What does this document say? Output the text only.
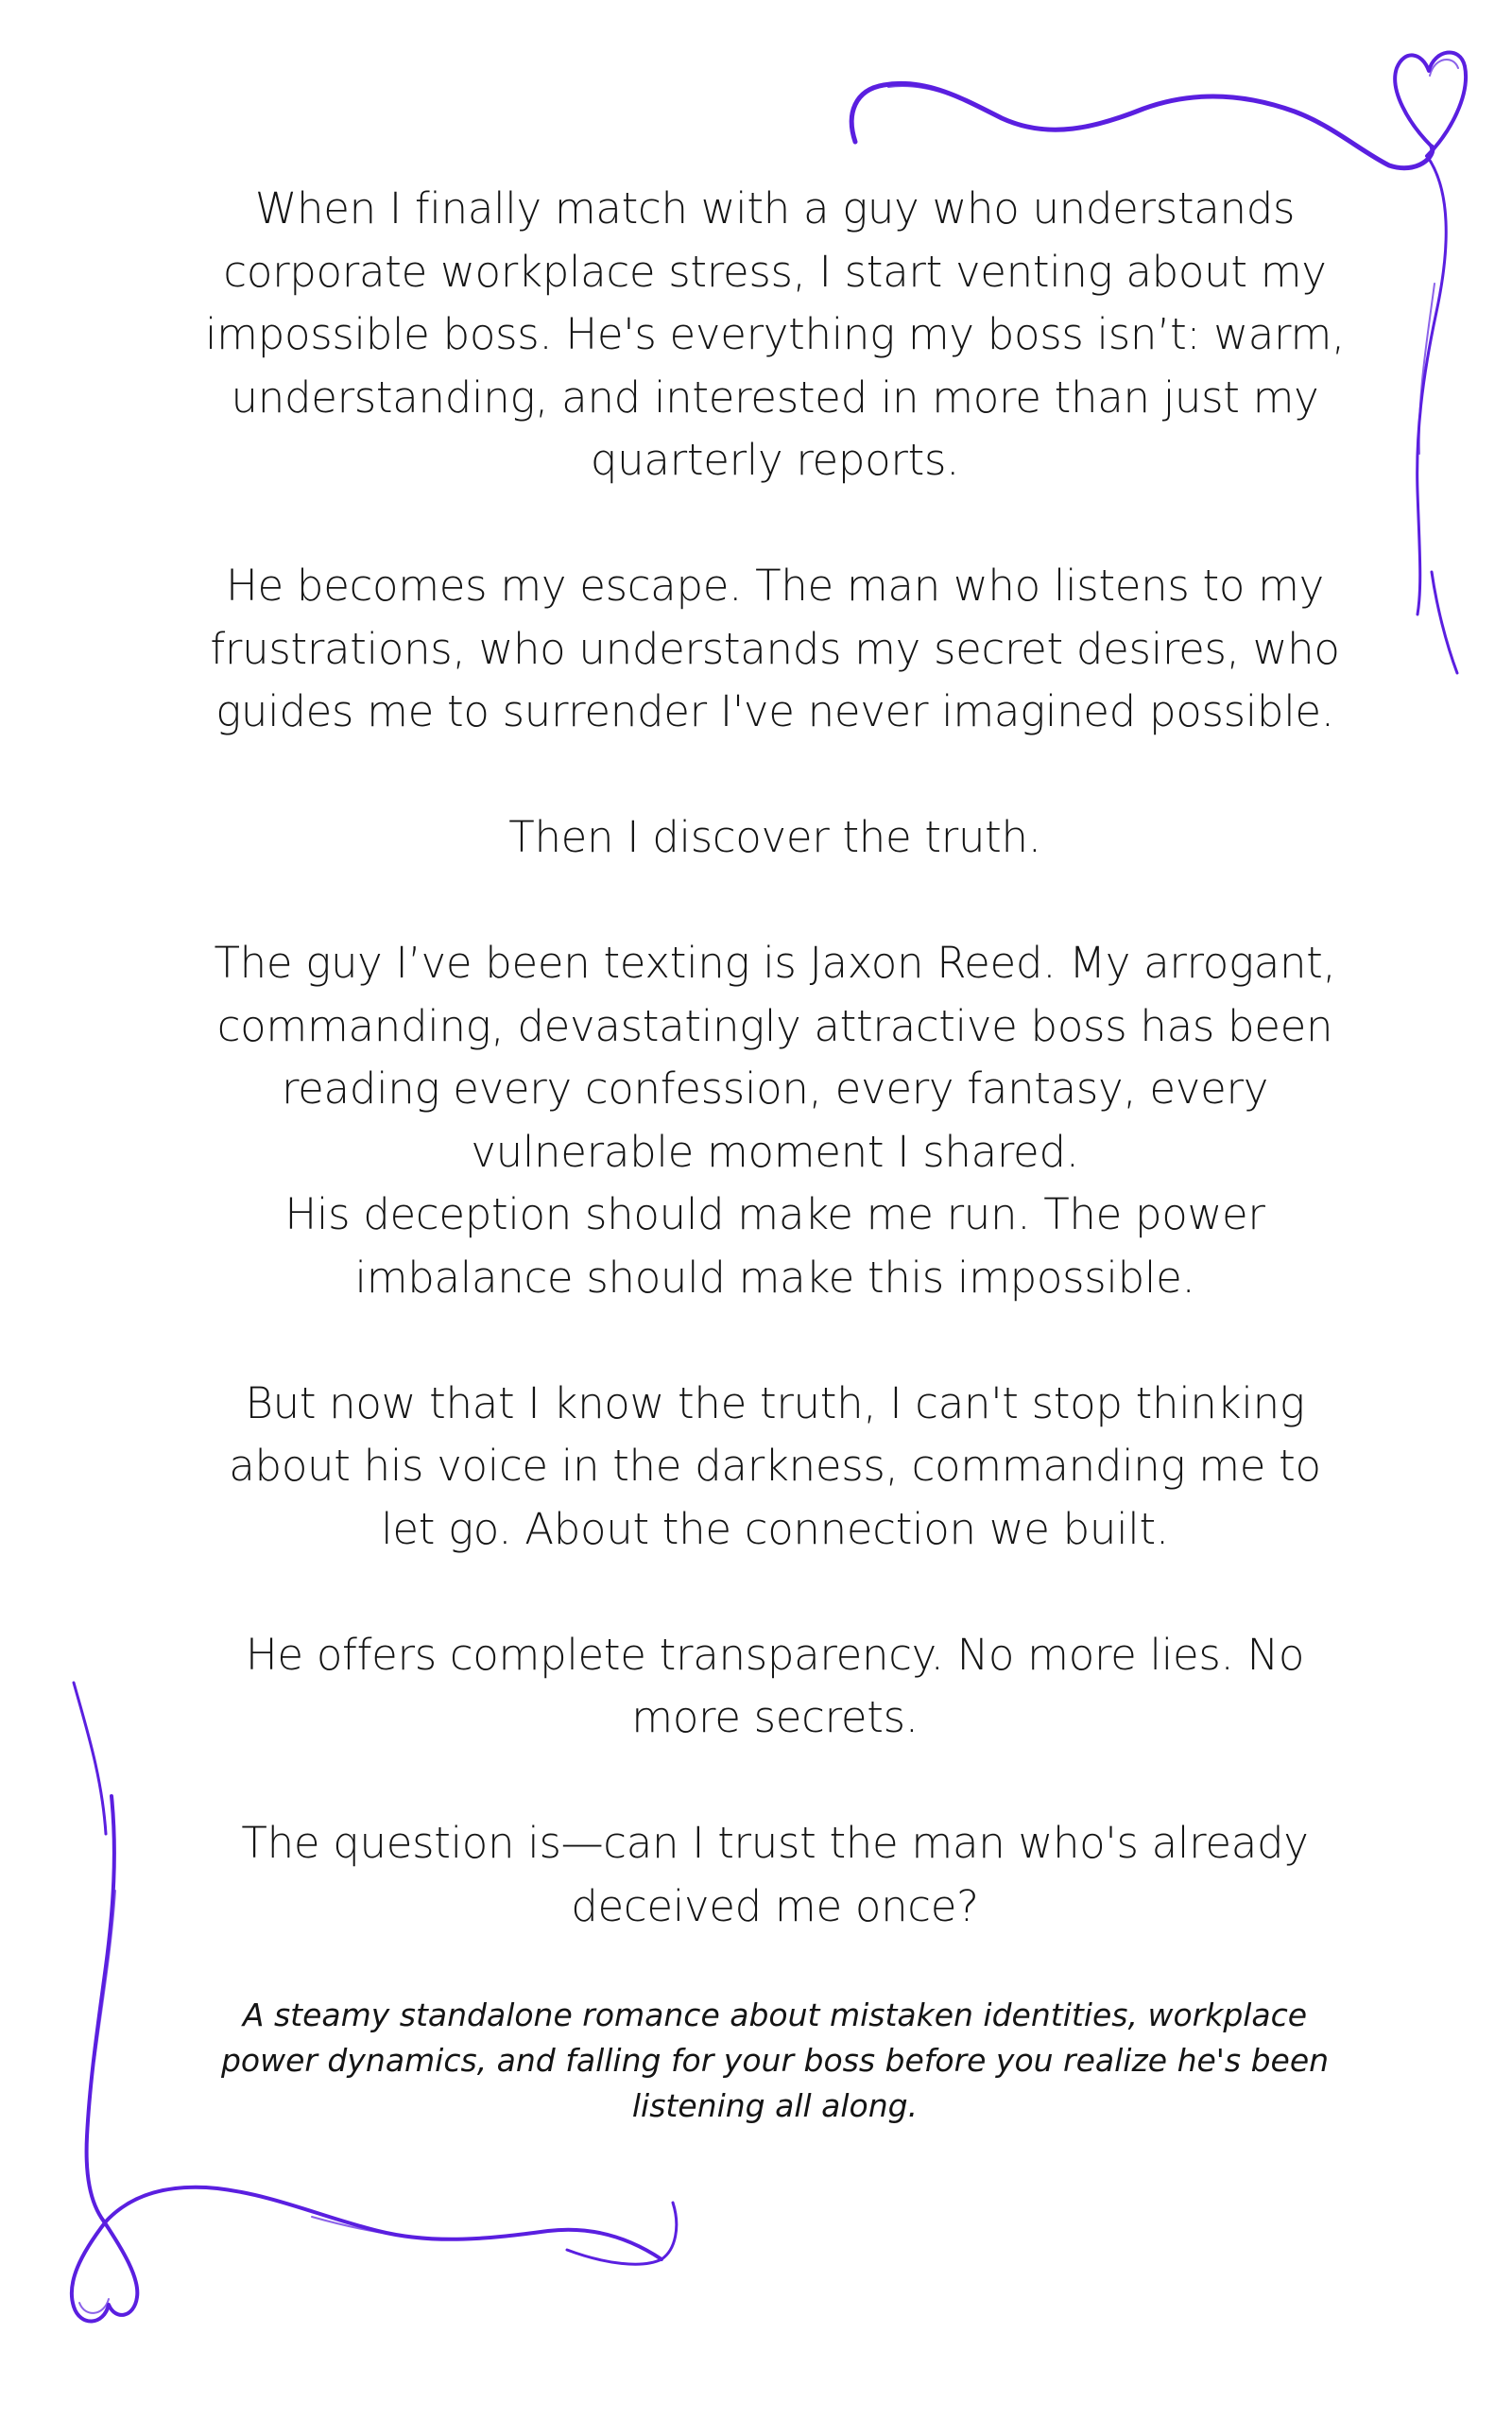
When I finally match with a guy who understands
corporate workplace stress, I start venting about my
impossible boss. He's everything my boss isn’t: warm,
understanding, and interested in more than just my
quarterly reports.

He becomes my escape. The man who listens to my
frustrations, who understands my secret desires, who
guides me to surrender I've never imagined possible.

Then I discover the truth.

The guy I’ve been texting is Jaxon Reed. My arrogant,
commanding, devastatingly attractive boss has been
reading every confession, every fantasy, every
vulnerable moment I shared.
His deception should make me run. The power
imbalance should make this impossible.

But now that I know the truth, I can't stop thinking
about his voice in the darkness, commanding me to
let go. About the connection we built.

He offers complete transparency. No more lies. No
more secrets.

The question is—can I trust the man who's already
deceived me once?

A steamy standalone romance about mistaken identities, workplace
power dynamics, and falling for your boss before you realize he's been
listening all along.
